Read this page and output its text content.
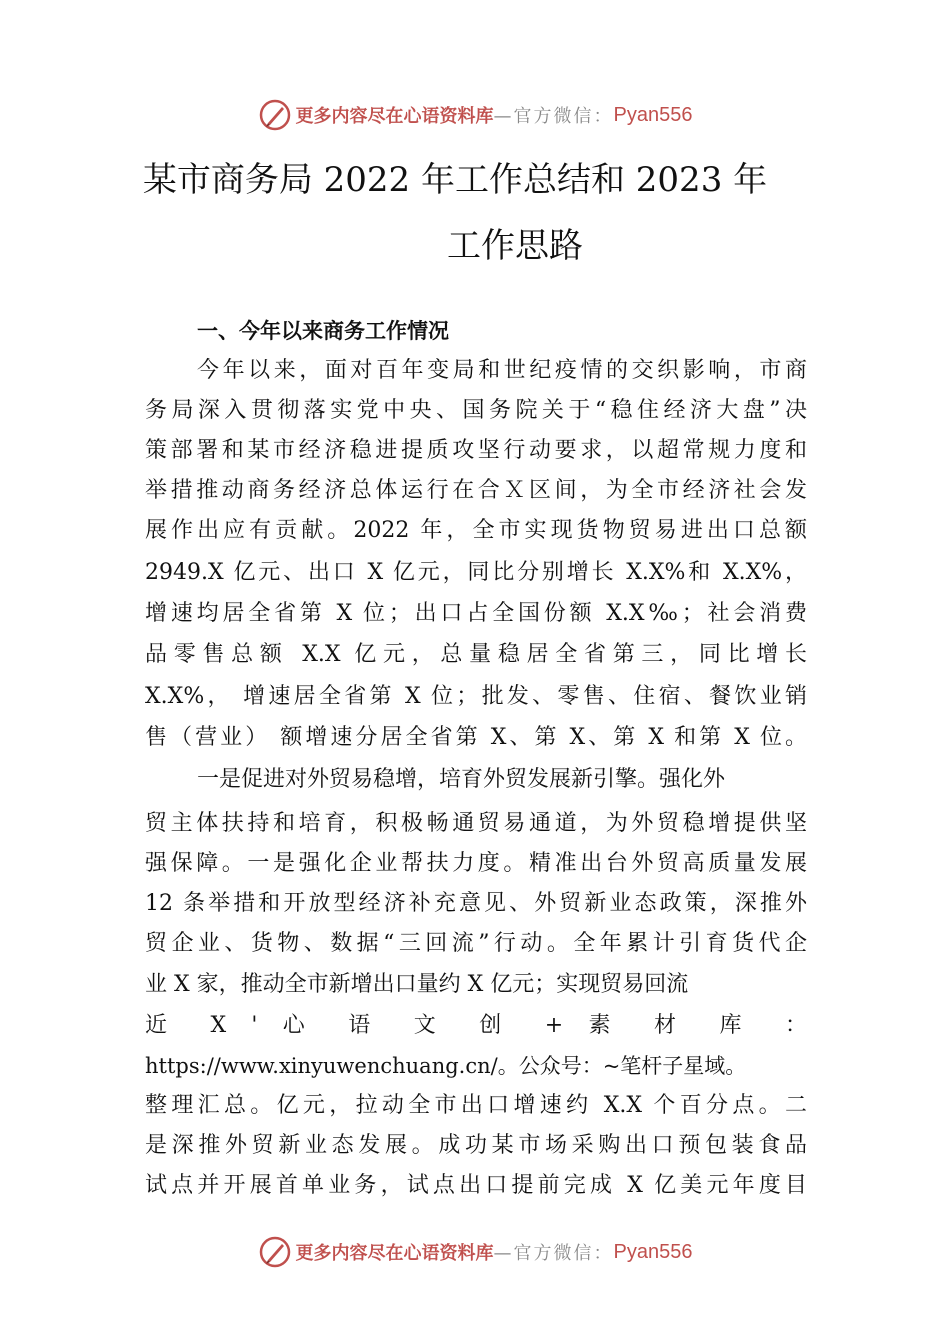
更多内容尽在心语资料库 —官方微信： Pyan556
某市商务局 2022 年工作总结和 2023 年
工作思路
一、今年以来商务工作情况
今年以来，面对百年变局和世纪疫情的交织影响，市商
务局深入贯彻落实党中央、国务院关于“稳住经济大盘”决
策部署和某市经济稳进提质攻坚行动要求，以超常规力度和
举措推动商务经济总体运行在合Ｘ区间，为全市经济社会发
展作出应有贡献。2022 年，全市实现货物贸易进出口总额
2949.X 亿元、出口 X 亿元，同比分别增长 X.X%和 X.X%，
增速均居全省第 X 位；出口占全国份额 X.X‰；社会消费
品零售总额 X.X 亿元，总量稳居全省第三，同比增长
X.X%， 增速居全省第 X 位；批发、零售、住宿、餐饮业销
售（营业） 额增速分居全省第 X、第 X、第 X 和第 X 位。
一是促进对外贸易稳增，培育外贸发展新引擎。强化外
贸主体扶持和培育，积极畅通贸易通道，为外贸稳增提供坚
强保障。一是强化企业帮扶力度。精准出台外贸高质量发展
12 条举措和开放型经济补充意见、外贸新业态政策，深推外
贸企业、货物、数据“三回流”行动。全年累计引育货代企
业 X 家，推动全市新增出口量约 X 亿元；实现贸易回流
近 X ' 心 语 文 创 + 素 材 库 ：
https://www.xinyuwenchuang.cn/。公众号：~笔杆子星域。
整理汇总。亿元，拉动全市出口增速约 X.X 个百分点。二
是深推外贸新业态发展。成功某市场采购出口预包装食品
试点并开展首单业务，试点出口提前完成 X 亿美元年度目
更多内容尽在心语资料库 —官方微信： Pyan556
